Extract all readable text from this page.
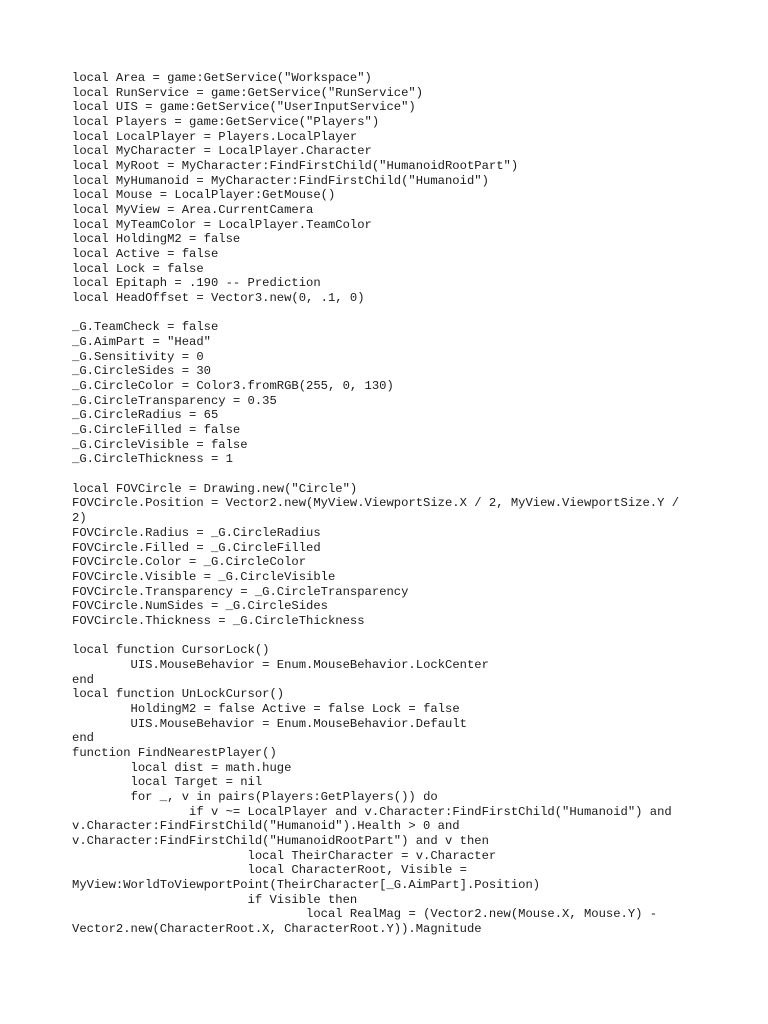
local Area = game:GetService("Workspace")
local RunService = game:GetService("RunService")
local UIS = game:GetService("UserInputService")
local Players = game:GetService("Players")
local LocalPlayer = Players.LocalPlayer
local MyCharacter = LocalPlayer.Character
local MyRoot = MyCharacter:FindFirstChild("HumanoidRootPart")
local MyHumanoid = MyCharacter:FindFirstChild("Humanoid")
local Mouse = LocalPlayer:GetMouse()
local MyView = Area.CurrentCamera
local MyTeamColor = LocalPlayer.TeamColor
local HoldingM2 = false
local Active = false
local Lock = false
local Epitaph = .190 -- Prediction
local HeadOffset = Vector3.new(0, .1, 0)
_G.TeamCheck = false
_G.AimPart = "Head"
_G.Sensitivity = 0
_G.CircleSides = 30
_G.CircleColor = Color3.fromRGB(255, 0, 130)
_G.CircleTransparency = 0.35
_G.CircleRadius = 65
_G.CircleFilled = false
_G.CircleVisible = false
_G.CircleThickness = 1
local FOVCircle = Drawing.new("Circle")
FOVCircle.Position = Vector2.new(MyView.ViewportSize.X / 2, MyView.ViewportSize.Y /
2)
FOVCircle.Radius = _G.CircleRadius
FOVCircle.Filled = _G.CircleFilled
FOVCircle.Color = _G.CircleColor
FOVCircle.Visible = _G.CircleVisible
FOVCircle.Transparency = _G.CircleTransparency
FOVCircle.NumSides = _G.CircleSides
FOVCircle.Thickness = _G.CircleThickness
local function CursorLock()
	UIS.MouseBehavior = Enum.MouseBehavior.LockCenter
end
local function UnLockCursor()
	HoldingM2 = false Active = false Lock = false
	UIS.MouseBehavior = Enum.MouseBehavior.Default
end
function FindNearestPlayer()
	local dist = math.huge
	local Target = nil
	for _, v in pairs(Players:GetPlayers()) do
		if v ~= LocalPlayer and v.Character:FindFirstChild("Humanoid") and
v.Character:FindFirstChild("Humanoid").Health > 0 and
v.Character:FindFirstChild("HumanoidRootPart") and v then
			local TheirCharacter = v.Character
			local CharacterRoot, Visible =
MyView:WorldToViewportPoint(TheirCharacter[_G.AimPart].Position)
			if Visible then
				local RealMag = (Vector2.new(Mouse.X, Mouse.Y) -
Vector2.new(CharacterRoot.X, CharacterRoot.Y)).Magnitude
